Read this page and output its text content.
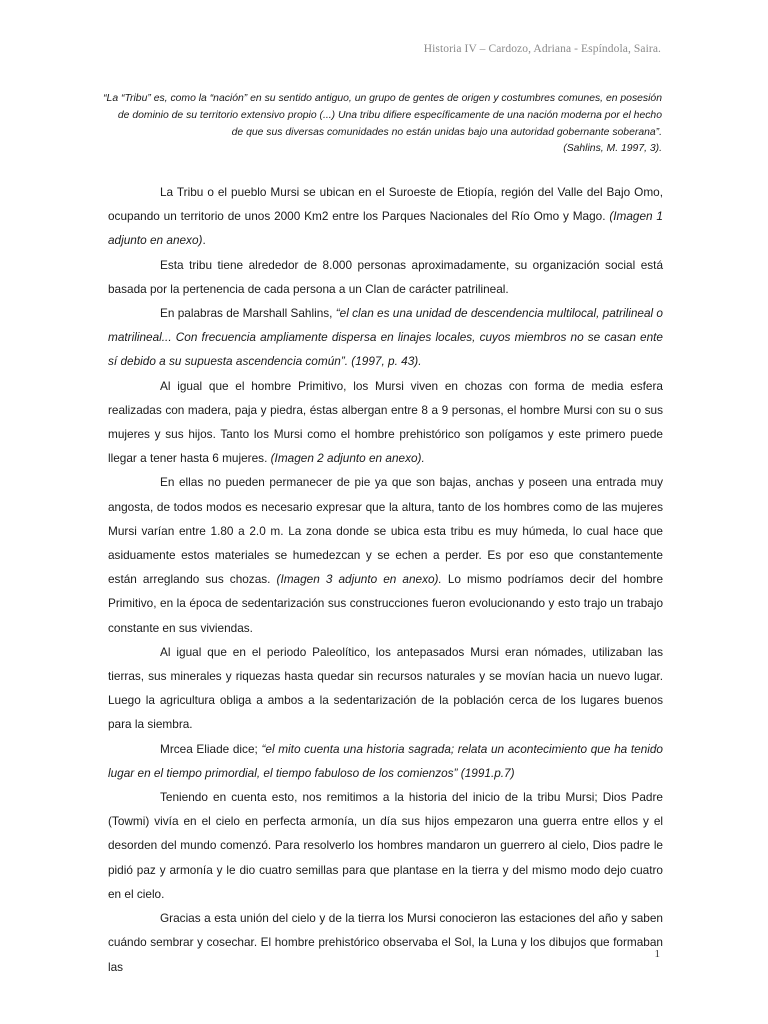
Historia IV – Cardozo, Adriana - Espíndola, Saira.
“La “Tribu” es, como la “nación” en su sentido antiguo, un grupo de gentes de origen y costumbres comunes, en posesión
de dominio de su territorio extensivo propio (...) Una tribu difiere específicamente de una nación moderna por el hecho
de que sus diversas comunidades no están unidas bajo una autoridad gobernante soberana”.
(Sahlins, M. 1997, 3).

La Tribu o el pueblo Mursi se ubican en el Suroeste de Etiopía, región del Valle del Bajo Omo, ocupando un territorio de unos 2000 Km2 entre los Parques Nacionales del Río Omo y Mago. (Imagen 1 adjunto en anexo).

Esta tribu tiene alrededor de 8.000 personas aproximadamente, su organización social está basada por la pertenencia de cada persona a un Clan de carácter patrilineal.

En palabras de Marshall Sahlins, “el clan es una unidad de descendencia multilocal, patrilineal o matrilineal... Con frecuencia ampliamente dispersa en linajes locales, cuyos miembros no se casan ente sí debido a su supuesta ascendencia común”. (1997, p. 43).

Al igual que el hombre Primitivo, los Mursi viven en chozas con forma de media esfera realizadas con madera, paja y piedra, éstas albergan entre 8 a 9 personas, el hombre Mursi con su o sus mujeres y sus hijos. Tanto los Mursi como el hombre prehistórico son polígamos y este primero puede llegar a tener hasta 6 mujeres. (Imagen 2 adjunto en anexo).

En ellas no pueden permanecer de pie ya que son bajas, anchas y poseen una entrada muy angosta, de todos modos es necesario expresar que la altura, tanto de los hombres como de las mujeres Mursi varían entre 1.80 a 2.0 m. La zona donde se ubica esta tribu es muy húmeda, lo cual hace que asiduamente estos materiales se humedezcan y se echen a perder. Es por eso que constantemente están arreglando sus chozas. (Imagen 3 adjunto en anexo). Lo mismo podríamos decir del hombre Primitivo, en la época de sedentarización sus construcciones fueron evolucionando y esto trajo un trabajo constante en sus viviendas.

Al igual que en el periodo Paleolítico, los antepasados Mursi eran nómades, utilizaban las tierras, sus minerales y riquezas hasta quedar sin recursos naturales y se movían hacia un nuevo lugar. Luego la agricultura obliga a ambos a la sedentarización de la población cerca de los lugares buenos para la siembra.

Mrcea Eliade dice; “el mito cuenta una historia sagrada; relata un acontecimiento que ha tenido lugar en el tiempo primordial, el tiempo fabuloso de los comienzos” (1991.p.7)

Teniendo en cuenta esto, nos remitimos a la historia del inicio de la tribu Mursi; Dios Padre (Towmi) vivía en el cielo en perfecta armonía, un día sus hijos empezaron una guerra entre ellos y el desorden del mundo comenzó. Para resolverlo los hombres mandaron un guerrero al cielo, Dios padre le pidió paz y armonía y le dio cuatro semillas para que plantase en la tierra y del mismo modo dejo cuatro en el cielo.

Gracias a esta unión del cielo y de la tierra los Mursi conocieron las estaciones del año y saben cuándo sembrar y cosechar. El hombre prehistórico observaba el Sol, la Luna y los dibujos que formaban las

1
